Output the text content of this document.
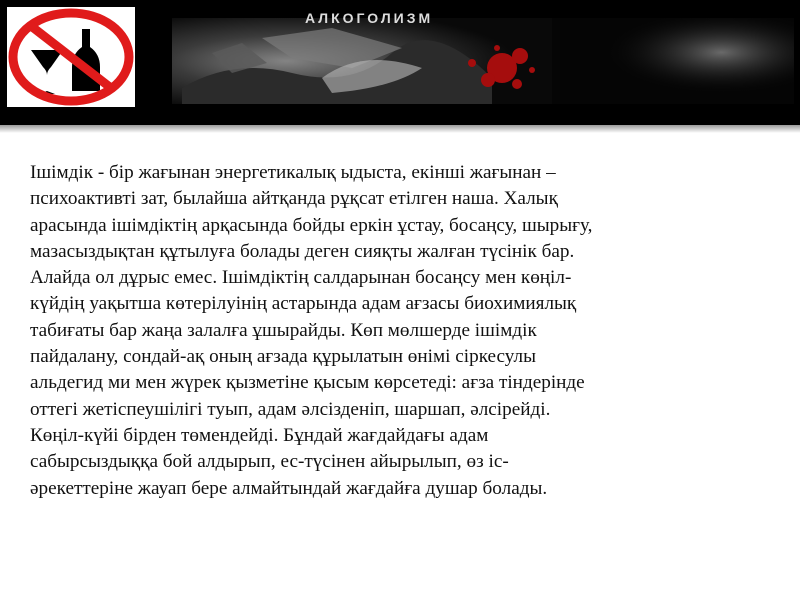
АЛКОГОЛИЗМ

Ішімдік - бір жағынан энергетикалық ыдыста, екінші жағынан –
психоактивті зат, былайша айтқанда рұқсат етілген наша. Халық
арасында ішімдіктің арқасында бойды еркін ұстау, босаңсу, шырығу,
мазасыздықтан құтылуға болады деген сияқты жалған түсінік бар.
Алайда ол дұрыс емес. Ішімдіктің салдарынан босаңсу мен көңіл-
күйдің уақытша көтерілуінің астарында адам ағзасы биохимиялық
табиғаты бар жаңа залалға ұшырайды. Көп мөлшерде ішімдік
пайдалану, сондай-ақ оның ағзада құрылатын өнімі сіркесулы
альдегид ми мен жүрек қызметіне қысым көрсетеді: ағза тіндерінде
оттегі жетіспеушілігі туып, адам әлсізденіп, шаршап, әлсірейді.
Көңіл-күйі бірден төмендейді. Бұндай жағдайдағы адам
сабырсыздыққа бой алдырып, ес-түсінен айырылып, өз іс-
әрекеттеріне жауап бере алмайтындай жағдайға душар болады.
